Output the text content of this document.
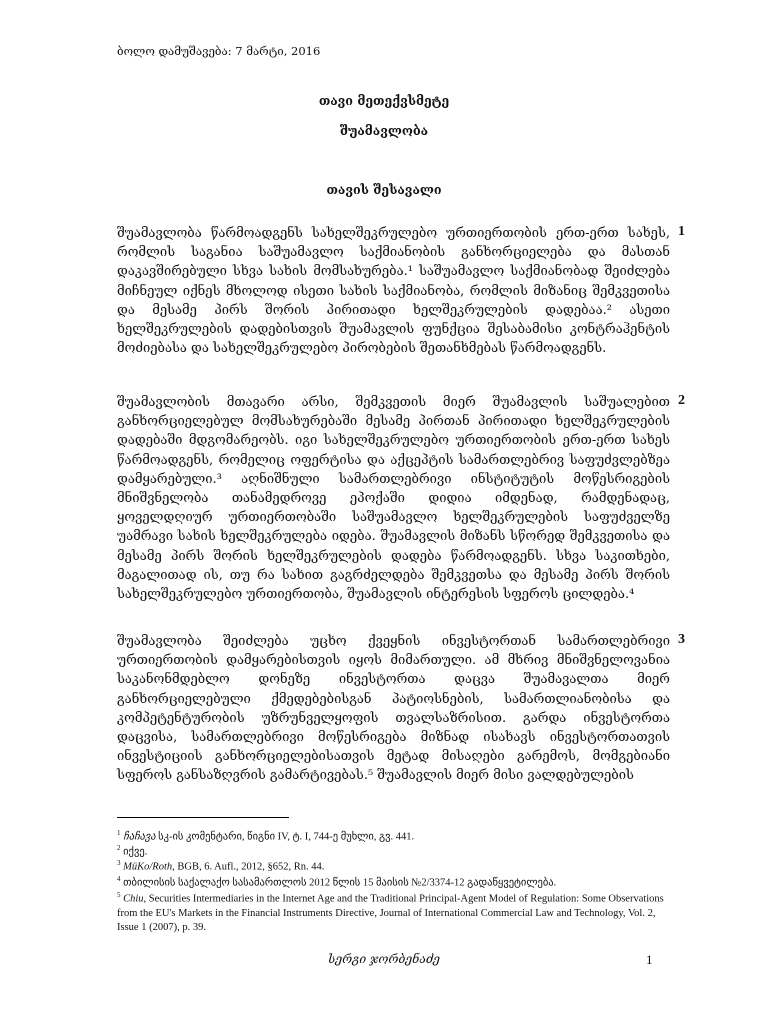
ბოლო დამუშავება: 7 მარტი, 2016
თავი მეთექვსმეტე
შუამავლობა
თავის შესავალი

შუამავლობა წარმოადგენს სახელშეკრულებო ურთიერთობის ერთ-ერთ სახეს, რომლის საგანია საშუამავლო საქმიანობის განხორციელება და მასთან დაკავშირებული სხვა სახის მომსახურება.¹ საშუამავლო საქმიანობად შეიძლება მიჩნეულ იქნეს მხოლოდ ისეთი სახის საქმიანობა, რომლის მიზანიც შემკვეთისა და მესამე პირს შორის პირითადი ხელშეკრულების დადებაა.² ასეთი ხელშეკრულების დადებისთვის შუამავლის ფუნქცია შესაბამისი კონტრაჰენტის მოძიებასა და სახელშეკრულებო პირობების შეთანხმებას წარმოადგენს.

1

შუამავლობის მთავარი არსი, შემკვეთის მიერ შუამავლის საშუალებით განხორციელებულ მომსახურებაში მესამე პირთან პირითადი ხელშეკრულების დადებაში მდგომარეობს. იგი სახელშეკრულებო ურთიერთობის ერთ-ერთ სახეს წარმოადგენს, რომელიც ოფერტისა და აქცეპტის სამართლებრივ საფუძვლებზეა დამყარებული.³ აღნიშნული სამართლებრივი ინსტიტუტის მოწესრიგების მნიშვნელობა თანამედროვე ეპოქაში დიდია იმდენად, რამდენადაც, ყოველდღიურ ურთიერთობაში საშუამავლო ხელშეკრულების საფუძველზე უამრავი სახის ხელშეკრულება იდება. შუამავლის მიზანს სწორედ შემკვეთისა და მესამე პირს შორის ხელშეკრულების დადება წარმოადგენს. სხვა საკითხები, მაგალითად ის, თუ რა სახით გაგრძელდება შემკვეთსა და მესამე პირს შორის სახელშეკრულებო ურთიერთობა, შუამავლის ინტერესის სფეროს ცილდება.⁴

2

შუამავლობა შეიძლება უცხო ქვეყნის ინვესტორთან სამართლებრივი ურთიერთობის დამყარებისთვის იყოს მიმართული. ამ მხრივ მნიშვნელოვანია საკანონმდებლო დონეზე ინვესტორთა დაცვა შუამავალთა მიერ განხორციელებული ქმედებებისგან პატიოსნების, სამართლიანობისა და კომპეტენტურობის უზრუნველყოფის თვალსაზრისით. გარდა ინვესტორთა დაცვისა, სამართლებრივი მოწესრიგება მიზნად ისახავს ინვესტორთათვის ინვესტიციის განხორციელებისათვის მეტად მისაღები გარემოს, მომგებიანი სფეროს განსაზღვრის გამარტივებას.⁵ შუამავლის მიერ მისი ვალდებულების

3

$^1$ ჩაჩავა სკ-ის კომენტარი, წიგნი IV, ტ. I, 744-ე მუხლი, გვ. 441.

$^2$ იქვე.

$^3$ MüKo/Roth, BGB, 6. Aufl., 2012, §652, Rn. 44.

$^4$ თბილისის საქალაქო სასამართლოს 2012 წლის 15 მაისის №2/3374-12 გადაწყვეტილება.

$^5$ Chiu, Securities Intermediaries in the Internet Age and the Traditional Principal-Agent Model of Regulation: Some Observations from the EU's Markets in the Financial Instruments Directive, Journal of International Commercial Law and Technology, Vol. 2, Issue 1 (2007), p. 39.

სერგი ჯორბენაძე	1
